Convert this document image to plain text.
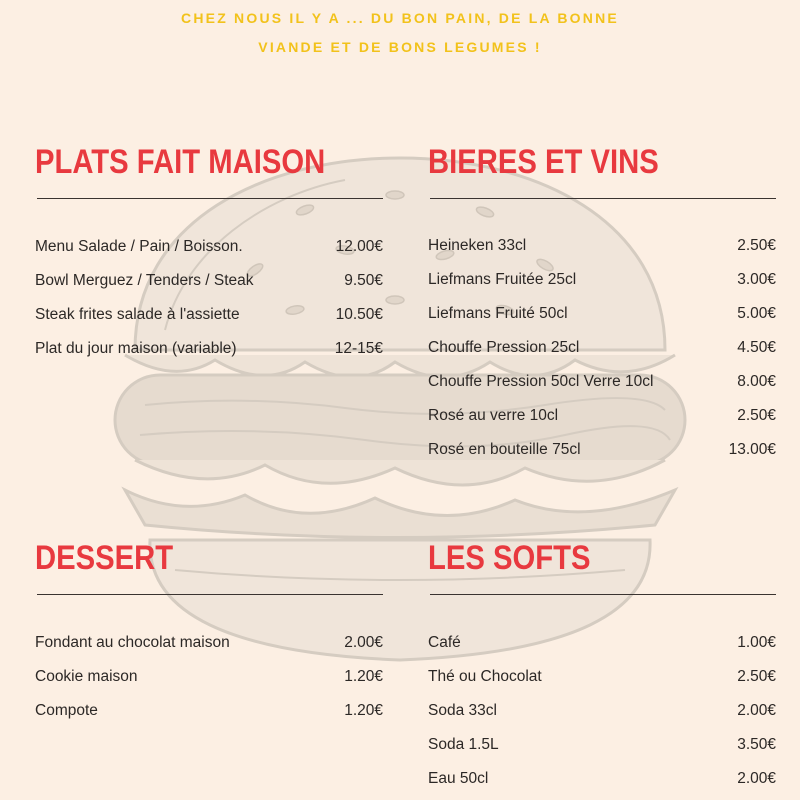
CHEZ NOUS IL Y A ... DU BON PAIN, DE LA BONNE
VIANDE ET DE BONS LEGUMES !
PLATS FAIT MAISON
Menu Salade / Pain / Boisson.	12.00€
Bowl Merguez / Tenders / Steak	9.50€
Steak frites salade à l'assiette	10.50€
Plat du jour maison (variable)	12-15€
BIERES ET VINS
Heineken 33cl	2.50€
Liefmans Fruitée 25cl	3.00€
Liefmans Fruité 50cl	5.00€
Chouffe Pression 25cl	4.50€
Chouffe Pression 50cl Verre 10cl	8.00€
Rosé au verre 10cl	2.50€
Rosé en bouteille 75cl	13.00€
DESSERT
Fondant au chocolat maison	2.00€
Cookie maison	1.20€
Compote	1.20€
LES SOFTS
Café	1.00€
Thé ou Chocolat	2.50€
Soda 33cl	2.00€
Soda 1.5L	3.50€
Eau 50cl	2.00€
